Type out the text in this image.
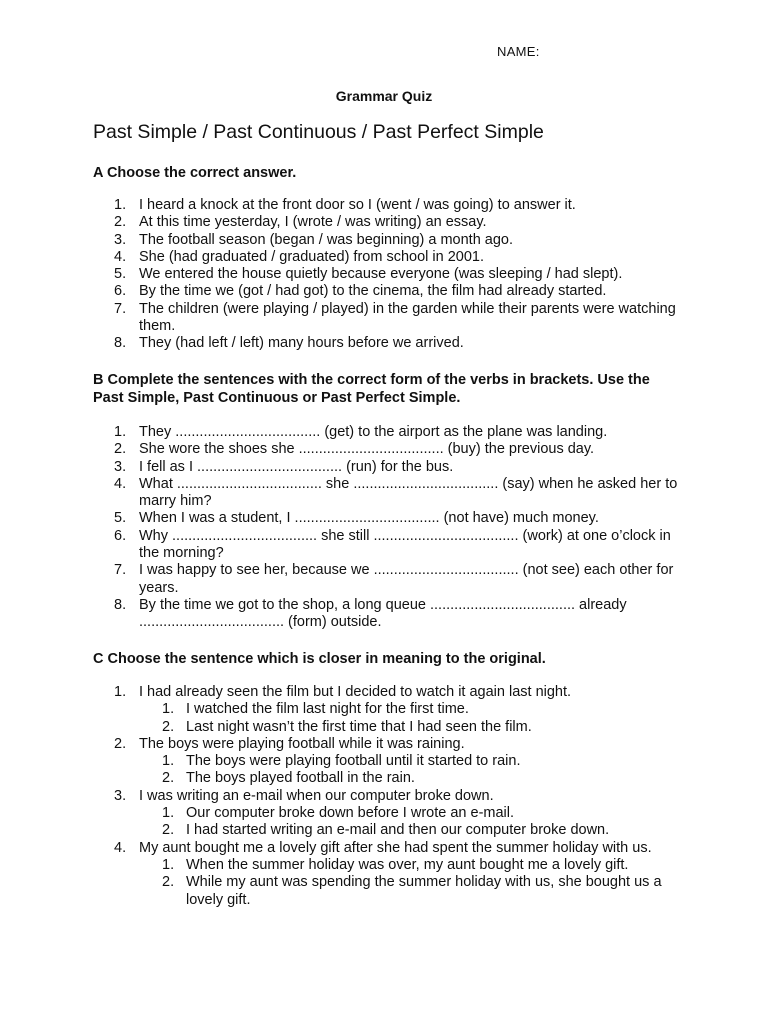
NAME:
Grammar Quiz
Past Simple / Past Continuous / Past Perfect Simple
A Choose the correct answer.
1. I heard a knock at the front door so I (went / was going) to answer it.
2. At this time yesterday, I (wrote / was writing) an essay.
3. The football season (began / was beginning) a month ago.
4. She (had graduated / graduated) from school in 2001.
5. We entered the house quietly because everyone (was sleeping / had slept).
6. By the time we (got / had got) to the cinema, the film had already started.
7. The children (were playing / played) in the garden while their parents were watching them.
8. They (had left / left) many hours before we arrived.
B Complete the sentences with the correct form of the verbs in brackets. Use the Past Simple, Past Continuous or Past Perfect Simple.
1. They .................................... (get) to the airport as the plane was landing.
2. She wore the shoes she .................................... (buy) the previous day.
3. I fell as I .................................... (run) for the bus.
4. What .................................... she .................................... (say) when he asked her to marry him?
5. When I was a student, I .................................... (not have) much money.
6. Why .................................... she still .................................... (work) at one o’clock in the morning?
7. I was happy to see her, because we .................................... (not see) each other for years.
8. By the time we got to the shop, a long queue .................................... already .................................... (form) outside.
C Choose the sentence which is closer in meaning to the original.
1. I had already seen the film but I decided to watch it again last night.
1. I watched the film last night for the first time.
2. Last night wasn’t the first time that I had seen the film.
2. The boys were playing football while it was raining.
1. The boys were playing football until it started to rain.
2. The boys played football in the rain.
3. I was writing an e-mail when our computer broke down.
1. Our computer broke down before I wrote an e-mail.
2. I had started writing an e-mail and then our computer broke down.
4. My aunt bought me a lovely gift after she had spent the summer holiday with us.
1. When the summer holiday was over, my aunt bought me a lovely gift.
2. While my aunt was spending the summer holiday with us, she bought us a lovely gift.
